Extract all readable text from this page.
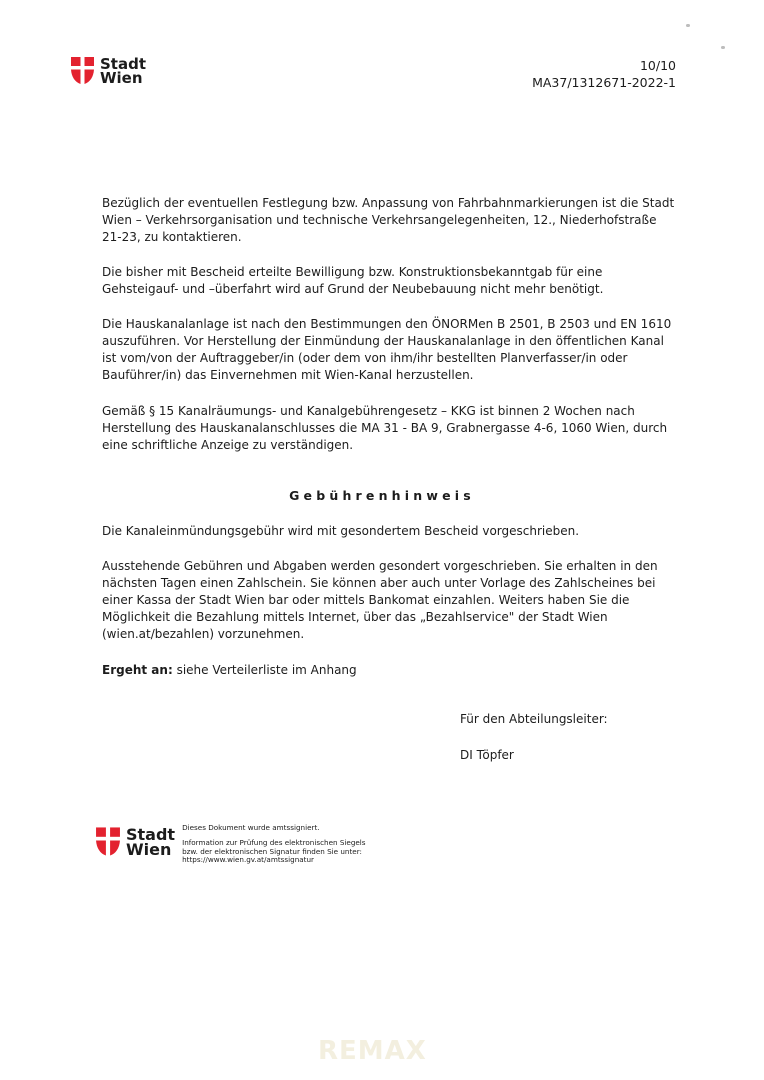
Stadt
Wien
10/10
MA37/1312671-2022-1

Bezüglich der eventuellen Festlegung bzw. Anpassung von Fahrbahnmarkierungen ist die Stadt Wien – Verkehrsorganisation und technische Verkehrsangelegenheiten, 12., Niederhofstraße 21-23, zu kontaktieren.

Die bisher mit Bescheid erteilte Bewilligung bzw. Konstruktionsbekanntgab für eine Gehsteigauf- und –überfahrt wird auf Grund der Neubebauung nicht mehr benötigt.

Die Hauskanalanlage ist nach den Bestimmungen den ÖNORMen B 2501, B 2503 und EN 1610 auszuführen. Vor Herstellung der Einmündung der Hauskanalanlage in den öffentlichen Kanal ist vom/von der Auftraggeber/in (oder dem von ihm/ihr bestellten Planverfasser/in oder Bauführer/in) das Einvernehmen mit Wien-Kanal herzustellen.

Gemäß § 15 Kanalräumungs- und Kanalgebührengesetz – KKG ist binnen 2 Wochen nach Herstellung des Hauskanalanschlusses die MA 31 - BA 9, Grabnergasse 4-6, 1060 Wien, durch eine schriftliche Anzeige zu verständigen.

Gebührenhinweis

Die Kanaleinmündungsgebühr wird mit gesondertem Bescheid vorgeschrieben.

Ausstehende Gebühren und Abgaben werden gesondert vorgeschrieben. Sie erhalten in den nächsten Tagen einen Zahlschein. Sie können aber auch unter Vorlage des Zahlscheines bei einer Kassa der Stadt Wien bar oder mittels Bankomat einzahlen. Weiters haben Sie die Möglichkeit die Bezahlung mittels Internet, über das „Bezahlservice" der Stadt Wien (wien.at/bezahlen) vorzunehmen.

Ergeht an: siehe Verteilerliste im Anhang

Für den Abteilungsleiter:
DI Töpfer
Stadt
Wien
Dieses Dokument wurde amtssigniert.
Information zur Prüfung des elektronischen Siegels
bzw. der elektronischen Signatur finden Sie unter:
https://www.wien.gv.at/amtssignatur
REMAX
